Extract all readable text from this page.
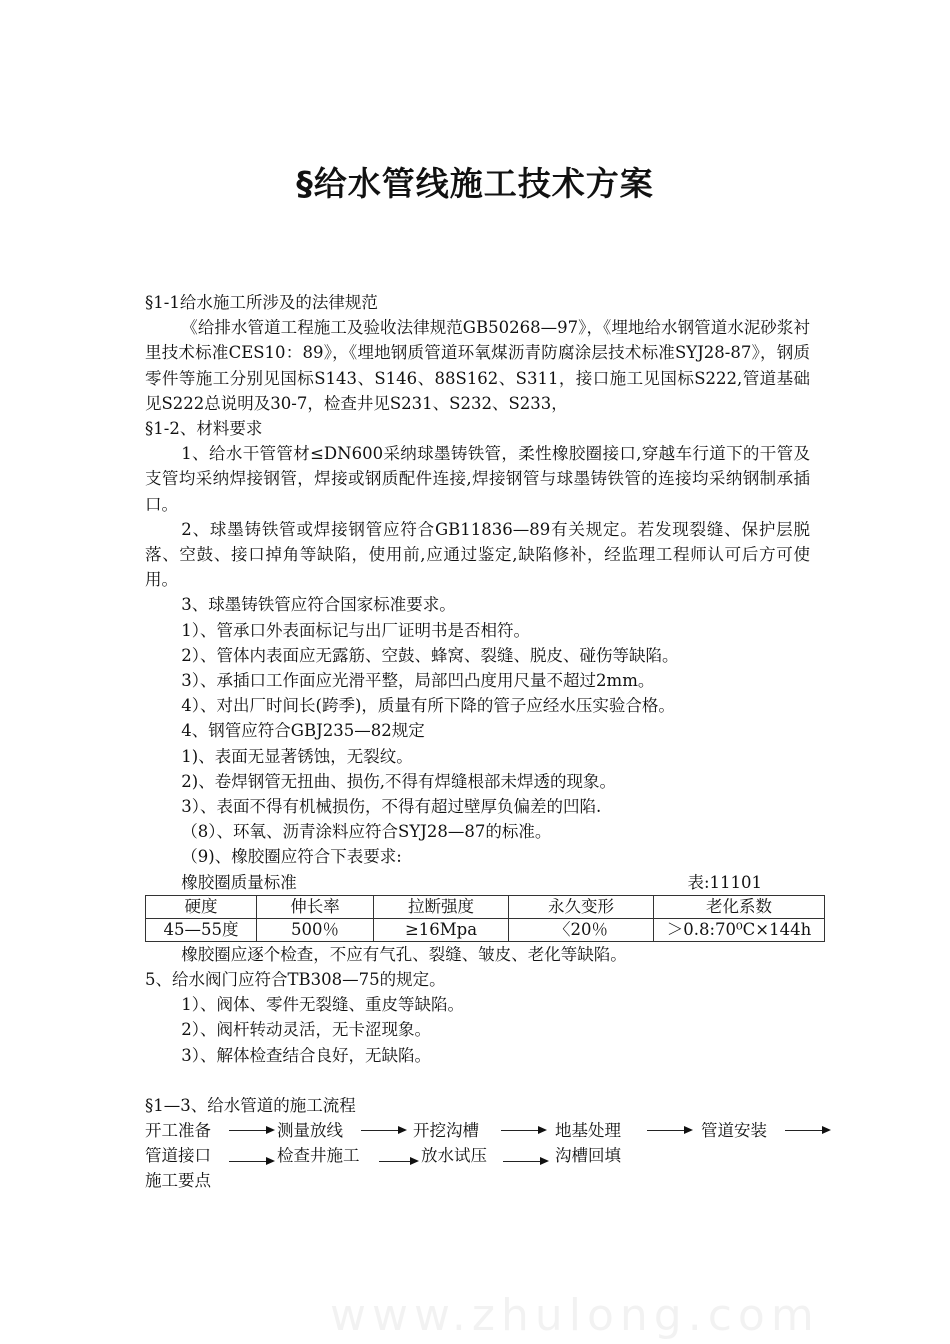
§给水管线施工技术方案

§1-1给水施工所涉及的法律规范

《给排水管道工程施工及验收法律规范GB50268—97》，《埋地给水钢管道水泥砂浆衬里技术标准CES10：89》，《埋地钢质管道环氧煤沥青防腐涂层技术标准SYJ28-87》，钢质零件等施工分别见国标S143、S146、88S162、S311，接口施工见国标S222,管道基础见S222总说明及30-7，检查井见S231、S232、S233，

§1-2、材料要求

1、给水干管管材≤DN600采纳球墨铸铁管，柔性橡胶圈接口,穿越车行道下的干管及支管均采纳焊接钢管，焊接或钢质配件连接,焊接钢管与球墨铸铁管的连接均采纳钢制承插口。

2、球墨铸铁管或焊接钢管应符合GB11836—89有关规定。若发现裂缝、保护层脱落、空鼓、接口掉角等缺陷，使用前,应通过鉴定,缺陷修补，经监理工程师认可后方可使用。

3、球墨铸铁管应符合国家标准要求。

1）、管承口外表面标记与出厂证明书是否相符。

2）、管体内表面应无露筋、空鼓、蜂窝、裂缝、脱皮、碰伤等缺陷。

3）、承插口工作面应光滑平整，局部凹凸度用尺量不超过2mm。

4）、对出厂时间长(跨季)，质量有所下降的管子应经水压实验合格。

4、钢管应符合GBJ235—82规定

1)、表面无显著锈蚀，无裂纹。

2)、卷焊钢管无扭曲、损伤,不得有焊缝根部未焊透的现象。

3）、表面不得有机械损伤，不得有超过壁厚负偏差的凹陷.

（8）、环氧、沥青涂料应符合SYJ28—87的标准。

（9)、橡胶圈应符合下表要求:

橡胶圈质量标准	表:11101
硬度	伸长率	拉断强度	永久变形	老化系数
45—55度	500％	≥16Mpa	〈20％	＞0.8:70⁰C×144h

橡胶圈应逐个检查，不应有气孔、裂缝、皱皮、老化等缺陷。

5、给水阀门应符合TB308—75的规定。

1）、阀体、零件无裂缝、重皮等缺陷。

2）、阀杆转动灵活，无卡涩现象。

3）、解体检查结合良好，无缺陷。

§1—3、给水管道的施工流程

开工准备	测量放线	开挖沟槽	地基处理	管道安装
管道接口	检查井施工	放水试压	沟槽回填

施工要点

www.zhulong.com
